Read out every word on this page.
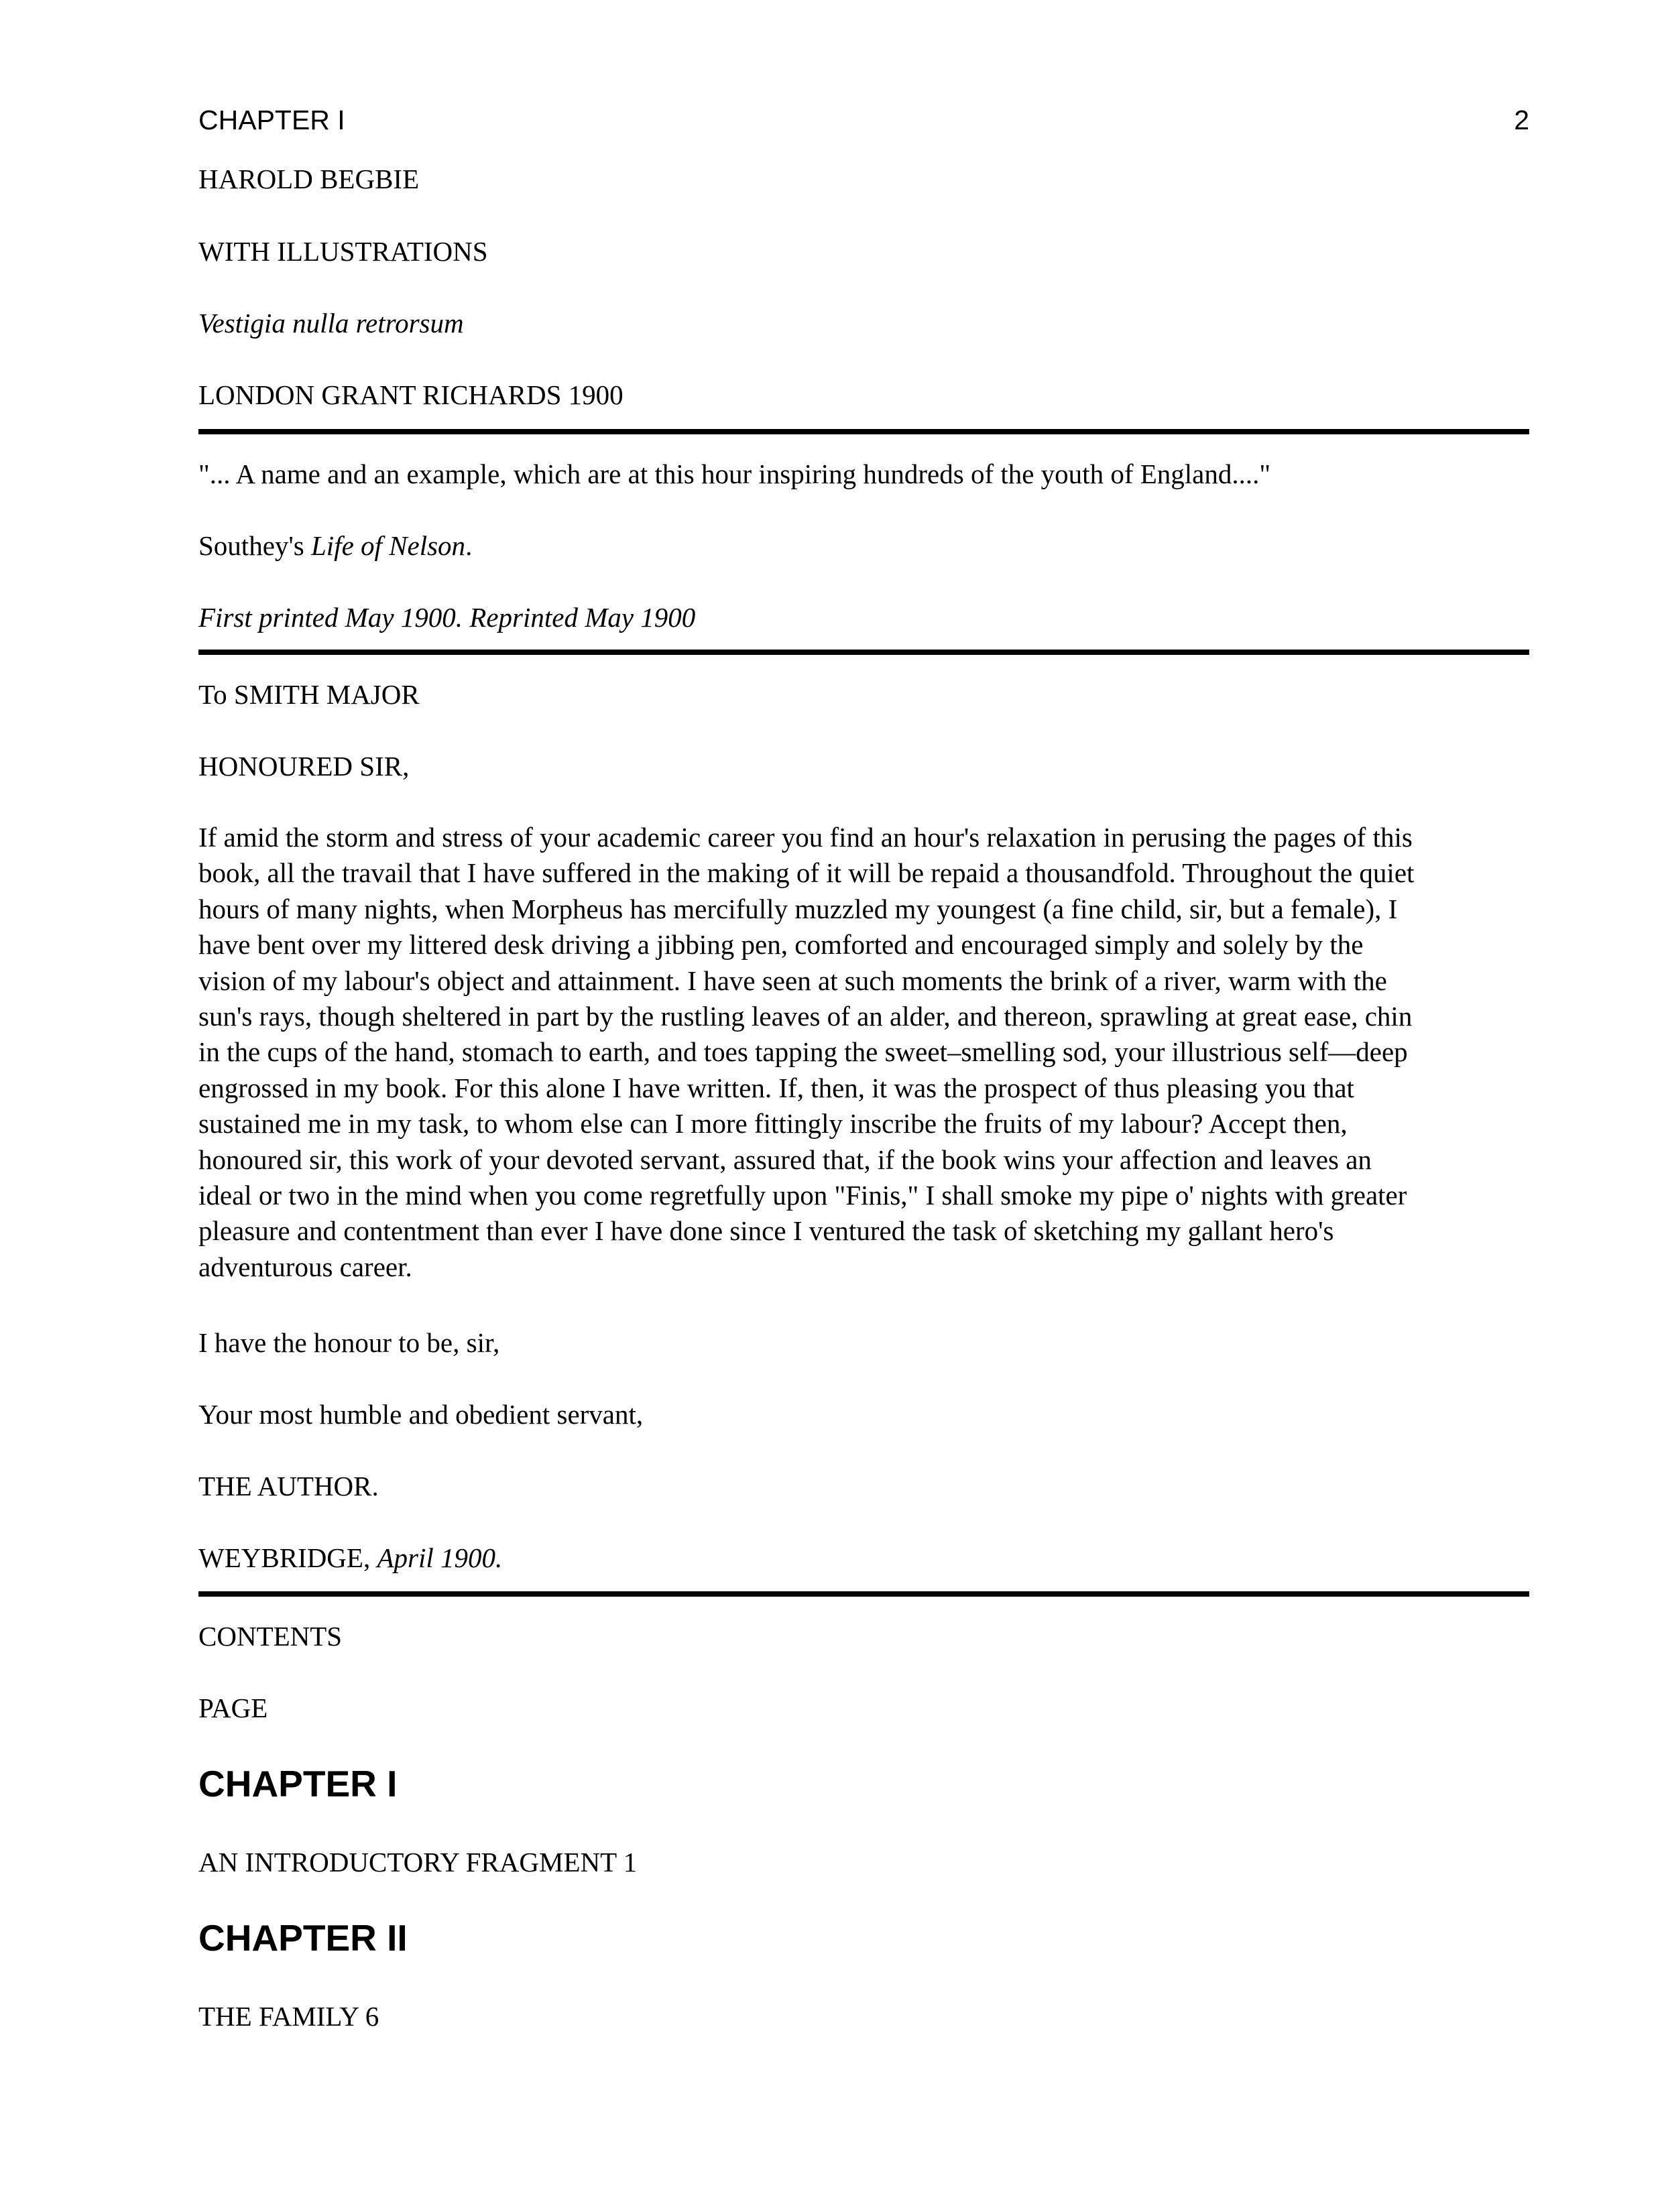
CHAPTER I	2
HAROLD BEGBIE
WITH ILLUSTRATIONS
Vestigia nulla retrorsum
LONDON GRANT RICHARDS 1900
"... A name and an example, which are at this hour inspiring hundreds of the youth of England...."
Southey's Life of Nelson.
First printed May 1900. Reprinted May 1900
To SMITH MAJOR
HONOURED SIR,
If amid the storm and stress of your academic career you find an hour's relaxation in perusing the pages of this
book, all the travail that I have suffered in the making of it will be repaid a thousandfold. Throughout the quiet
hours of many nights, when Morpheus has mercifully muzzled my youngest (a fine child, sir, but a female), I
have bent over my littered desk driving a jibbing pen, comforted and encouraged simply and solely by the
vision of my labour's object and attainment. I have seen at such moments the brink of a river, warm with the
sun's rays, though sheltered in part by the rustling leaves of an alder, and thereon, sprawling at great ease, chin
in the cups of the hand, stomach to earth, and toes tapping the sweet–smelling sod, your illustrious self––deep
engrossed in my book. For this alone I have written. If, then, it was the prospect of thus pleasing you that
sustained me in my task, to whom else can I more fittingly inscribe the fruits of my labour? Accept then,
honoured sir, this work of your devoted servant, assured that, if the book wins your affection and leaves an
ideal or two in the mind when you come regretfully upon "Finis," I shall smoke my pipe o' nights with greater
pleasure and contentment than ever I have done since I ventured the task of sketching my gallant hero's
adventurous career.
I have the honour to be, sir,
Your most humble and obedient servant,
THE AUTHOR.
WEYBRIDGE, April 1900.
CONTENTS
PAGE
CHAPTER I
AN INTRODUCTORY FRAGMENT 1
CHAPTER II
THE FAMILY 6
